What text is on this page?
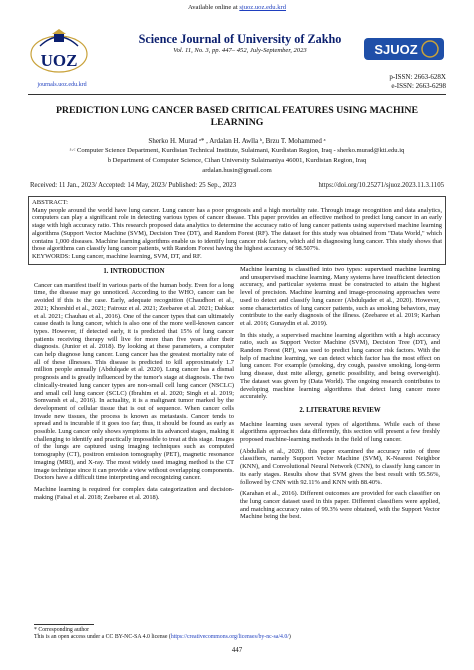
Available online at sjuoz.uoz.edu.krd
UOZ
journals.uoz.edu.krd
Science Journal of University of Zakho
Vol. 11, No. 3, pp. 447– 452, July-September, 2023	SJUOZ
p-ISSN: 2663-628X
e-ISSN: 2663-6298
PREDICTION LUNG CANCER BASED CRITICAL FEATURES USING MACHINE
LEARNING
Sherko H. Murad ᵃ* , Ardalan H. Awlla ᵇ, Brzu T. Mohammed ᵃ
ᵃ·ᶜ Computer Science Department, Kurdistan Technical Institute, Sulaimani, Kurdistan Region, Iraq - sherko.murad@kti.edu.iq
b Department of Computer Science, Cihan University Sulaimaniya 46001, Kurdistan Region, Iraq
ardalan.husin@gmail.com
Received: 11 Jan., 2023/ Accepted: 14 May, 2023/ Published: 25 Sep., 2023	https://doi.org/10.25271/sjuoz.2023.11.3.1105
ABSTRACT:
Many people around the world have lung cancer. Lung cancer has a poor prognosis and a high mortality rate. Through image recognition and data analytics, computers can play a significant role in detecting various types of cancer disease. This paper provides an effective method to predict lung cancer in an early stage with high accuracy ratio. This research proposed data analytics to determine the accuracy ratio of lung cancer patients using supervised machine learning algorithms (Support Vector Machine (SVM), Decision Tree (DT), and Random Forest (RF). The dataset for this study was obtained from "Data World," which contains 1,000 diseases. Machine learning algorithms enable us to identify lung cancer risk factors, which aid in diagnosing lung cancer. This study shows that those algorithms can classify lung cancer patients, with Random Forest having the highest accuracy of 98.507%.
KEYWORDS: Lung cancer, machine learning, SVM, DT, and RF.
1. INTRODUCTION
Cancer can manifest itself in various parts of the human body. Even for a long time, the disease may go unnoticed. According to the WHO, cancer can be avoided if this is the case. Early, adequate recognition (Chaudhori et al., 2021; Khorshid et al., 2021; Fairouz et al. 2021; Zeebaree et al. 2021; Dabkaz et al. 2021; Chauhau et al., 2016). One of the cancer types that can ultimately cause death is lung cancer, which is also one of the more well-known cancer types. However, if detected early, it is predicted that 15% of lung cancer patients receiving therapy will live for more than five years after their diagnosis. (Junior et al. 2018). By looking at these parameters, a computer can help diagnose lung cancer. Lung cancer has the greatest mortality rate of all of these illnesses. This disease is predicted to kill approximately 1.7 million people annually (Abdulqade et al. 2020). Lung cancer has a dismal prognosis and is greatly influenced by the tumor's stage at diagnosis. The two clinically-treated lung cancer types are non-small cell lung cancer (NSCLC) and small cell lung cancer (SCLC) (Ibrahim et al. 2020; Singh et al. 2019; Somvansh et al., 2016). In actuality, it is a malignant tumor marked by the development of cellular tissue that is out of sequence. When cancer cells invade new tissues, the process is known as metastasis. Cancer tends to spread and is incurable if it goes too far; thus, it should be found as early as possible. Lung cancer only shows symptoms in its advanced stages, making it challenging to identify and practically impossible to treat at this stage. Images of the lungs are captured using imaging techniques such as computed tomography (CT), positron emission tomography (PET), magnetic resonance imaging (MRI), and X-ray. The most widely used imaging method is the CT image technique since it can provide a view without overlapping components. Doctors have a difficult time interpreting and recognizing cancer.
Machine learning is required for complex data categorization and decision-making (Faisal et al. 2018; Zeebaree et al. 2018).
Machine learning is classified into two types: supervised machine learning and unsupervised machine learning. Many systems have insufficient detection accuracy, and particular systems must be constructed to attain the highest level of precision. Machine learning and image-processing approaches were used to detect and classify lung cancer (Abdulqader et al., 2020). However, some characteristics of lung cancer patients, such as smoking behaviors, may contribute to the early diagnosis of the illness. (Zeebaree et al. 2019; Karhan et al. 2016; Gunaydin et al. 2019).
In this study, a supervised machine learning algorithm with a high accuracy ratio, such as Support Vector Machine (SVM), Decision Tree (DT), and Random Forest (RF), was used to predict lung cancer risk factors. With the help of machine learning, we can detect which factor has the most effect on lung cancer. For example (smoking, dry cough, passive smoking, long-term lung disease, dust mite allergy, genetic possibility, and being overweight). The dataset was given by (Data World). The ongoing research contributes to developing machine learning algorithms that detect lung cancer more accurately.
2. LITERATURE REVIEW
Machine learning uses several types of algorithms. While each of these algorithms approaches data differently, this section will present a few freshly proposed machine-learning methods in the field of lung cancer.
(Abdullah et al., 2020). this paper examined the accuracy ratio of three classifiers, namely Support Vector Machine (SVM), K-Nearest Neighbor (KNN), and Convolutional Neural Network (CNN), to classify lung cancer in its early stages. Results show that SVM gives the best result with 95.56%, followed by CNN with 92.11% and KNN with 88.40%.
(Karahan et al., 2016). Different outcomes are provided for each classifier on the lung cancer dataset used in this paper. Different classifiers were applied, and matching accuracy rates of 99.3% were obtained, with the Support Vector Machine being the best.
* Corresponding author
This is an open access under a CC BY-NC-SA 4.0 license (https://creativecommons.org/licenses/by-nc-sa/4.0/)
447
